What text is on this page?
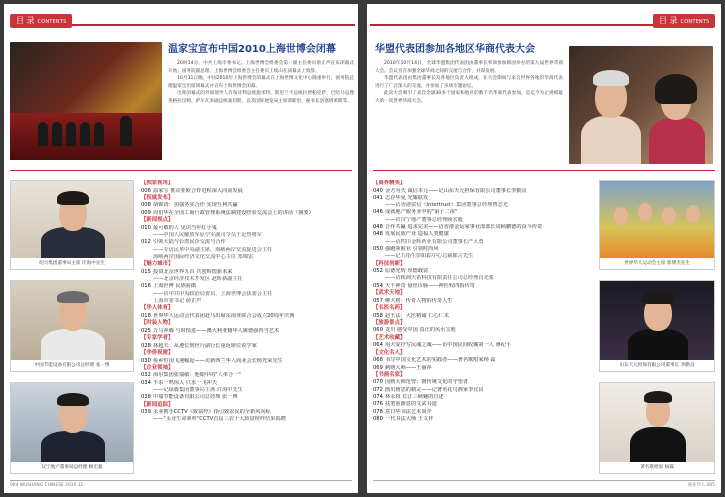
目 录 CONTENTS
温家宝宣布中国2010上海世博会闭幕

20时14分，中共上海市委书记、上海世博会组委会第一副主任委员俞正声宣布闭幕式开始。国务院副总理、上海世博会组委会主任委员王岐山在闭幕式上致辞。

10月31日晚，中国2010年上海世博会闭幕式在上海世博文化中心隆重举行。国务院总理温家宝出席闭幕式并宣布上海世博会闭幕。

出席闭幕式的外国领导人有匈牙利总统施米特、斯里兰卡总统拉贾帕克萨、巴哈马总理英格拉汉姆、萨尔瓦多副总统桑切斯，以及国际展览局主席蒂耶里、秘书长洛塞塔莱斯等。

绍兴集团董事局主席 许海中先生
中国节能设备有限公司总经理 张一博
汉宁地产董事局总经理 顾宏毅
【独家视角】
006 温家宝 推动亚欧合作进程深入向前发展
【权威发布】
008 胡锦涛：加强务实合作 实现互利共赢
009 周伯华在全国工商行政管理系统法制建设经验交流会上的讲话（摘要）
【新闻视点】
010 最可敬的人 见识当年红小鬼
——中国人民解放军原空军副司令员王定烈将军
012 引领大陆与台湾民企交流与合作
——专访民革中央副主席、海峡两岸交流促进会主任
海峡两岸国际经济文化交流中心主任 郑锦雷
【魅力城市】
015 投资北京世界五百 共创辉煌新未来
——北京经济技术开发区 赵昕新副主任
016 上海世博 民族骄傲
——访中共中央政治局委员、上海世博会执委会主任
上海市委书记 俞正声
【华人体育】
018 世界华人运动会代表团赴马出席东南亚联合会成立20周年庆典
【时装人物】
025 万马奔腾 与时俱进——澳大利亚籍华人姚德强再当艺术
【专家学者】
028 林超夫：从遵长到世行副行长重返席位说学家
【华侨视窗】
030 侨乡恒国飞速崛起——访新西兰华人商业会长杨光荣先生
【企业领袖】
032 海尔集团张瑞敏：他眼中的"人单合一"
034 不求一鸣惊人 只求一飞冲天
——记绿森集团董事局主席 许海中先生
038 中瑞节能设备有限公司总经理 张一博
【新闻追踪】
039 永业携手CCTV《致富经》指引致农民的全新风向标
——"永业生命素杯"CCTV首届三农十大致富榜样结果揭晓
004 WUSHANG CHINESE 2010.11
目 录 CONTENTS
华盟代表团参加各地区华商代表大会

2010年10月14日，全球华盟集团代表团由董事长率领参加韩国举办的第九届世界华商大会。会议旨在加强全球华商之间的交流与合作，共谋发展。

华盟代表团由集团董事长及各地区负责人组成，在大会期间与来自世界各地的华商代表进行了广泛深入的交流，并参加了多场专题论坛。

此次大会吸引了来自全球30多个国家和地区的数千名华商代表参加，是迄今为止规模最大的一次世界华商大会。

【商界精英】
040 金方为天 诚信本元——记山东天元担保有限公司董事长李勤良
041 志存华夏 光耀联发
——访香港富信（Intertrust）集团董事总经理曹志光
046 成就地产服务业中的"第十二夜"
——访汉宁地产董事总经理顾宏毅
048 合作共赢 追求完美——访香港金运家事业部部长周顾鹏德的奋斗传奇
048 发展民族产业 造福人类健康
——访四川金辉药业有限公司董事长严大勇
050 强跑领航业 引领时尚风
——记五指生彭阳踪中心总裁郎言先生
【科技创新】
052 原德光辉 厚德载富
——访株洲天希科技有限责任公司总经理肖光希
054 天下神奇 悬丝诊脉——神医程四指传奇
【武术天地】
057 柳大格：传奇人物的传奇人生
【名医名药】
058 赵玉法：大医精诚 仁心仁术
【旅游景点】
060 龙川 感受中国 真正的风水宝地
【艺术收藏】
064 用大爱抒写民魂之魂——访中国民间收藏第一人 蒋纪平
【文化名人】
068 书写中国文化艺术的实践者——著名歌唱家杨 霖
069 刺绣大师——王丽萍
【书画名家】
070 国画大师范曾：擅传统文化的守望者
072 画出画思的精灵——记著名花鸟画家李宜良
074 林永权 长江三峡魅的自述
076 扶笔重渐意的文武书道
078 意日华书法艺术简介
080 一代书法大师 王文祥
世界华人运动会主席 郭博杰先生
山东天元担保有限公司董事长 李勤良
著名歌唱家 杨霖
商业华人 005
